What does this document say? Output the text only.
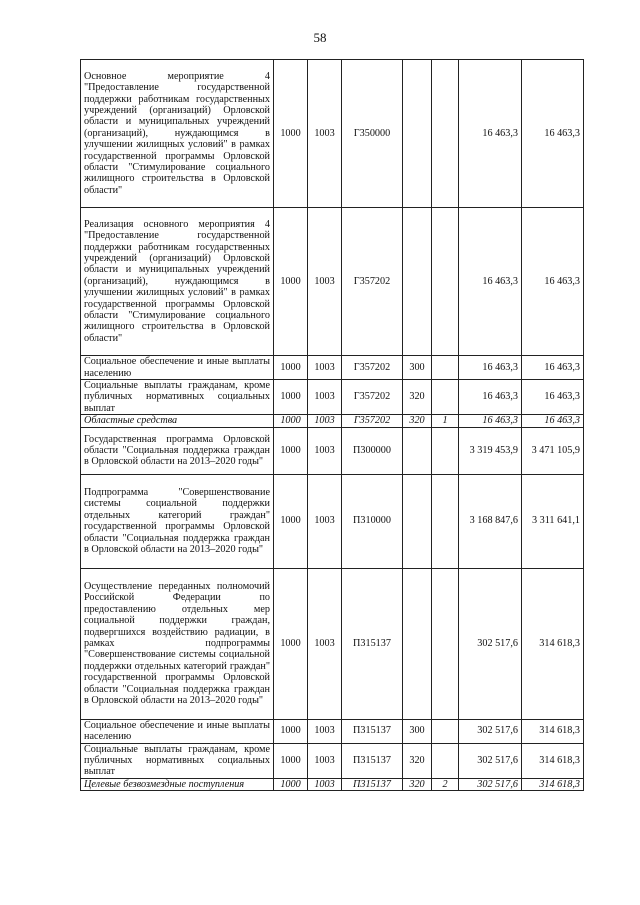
58
Основное мероприятие 4 "Предоставление государственной поддержки работникам государственных учреждений (организаций) Орловской области и муниципальных учреждений (организаций), нуждающимся в улучшении жилищных условий" в рамках государственной программы Орловской области "Стимулирование социального жилищного строительства в Орловской области"	1000	1003	Г350000			16 463,3	16 463,3
Реализация основного мероприятия 4 "Предоставление государственной поддержки работникам государственных учреждений (организаций) Орловской области и муниципальных учреждений (организаций), нуждающимся в улучшении жилищных условий" в рамках государственной программы Орловской области "Стимулирование социального жилищного строительства в Орловской области"	1000	1003	Г357202			16 463,3	16 463,3
Социальное обеспечение и иные выплаты населению	1000	1003	Г357202	300		16 463,3	16 463,3
Социальные выплаты гражданам, кроме публичных нормативных социальных выплат	1000	1003	Г357202	320		16 463,3	16 463,3
Областные средства	1000	1003	Г357202	320	1	16 463,3	16 463,3
Государственная программа Орловской области "Социальная поддержка граждан в Орловской области на 2013–2020 годы"	1000	1003	П300000			3 319 453,9	3 471 105,9
Подпрограмма "Совершенствование системы социальной поддержки отдельных категорий граждан" государственной программы Орловской области "Социальная поддержка граждан в Орловской области на 2013–2020 годы"	1000	1003	П310000			3 168 847,6	3 311 641,1
Осуществление переданных полномочий Российской Федерации по предоставлению отдельных мер социальной поддержки граждан, подвергшихся воздействию радиации, в рамках подпрограммы "Совершенствование системы социальной поддержки отдельных категорий граждан" государственной программы Орловской области "Социальная поддержка граждан в Орловской области на 2013–2020 годы"	1000	1003	П315137			302 517,6	314 618,3
Социальное обеспечение и иные выплаты населению	1000	1003	П315137	300		302 517,6	314 618,3
Социальные выплаты гражданам, кроме публичных нормативных социальных выплат	1000	1003	П315137	320		302 517,6	314 618,3
Целевые безвозмездные поступления	1000	1003	П315137	320	2	302 517,6	314 618,3
